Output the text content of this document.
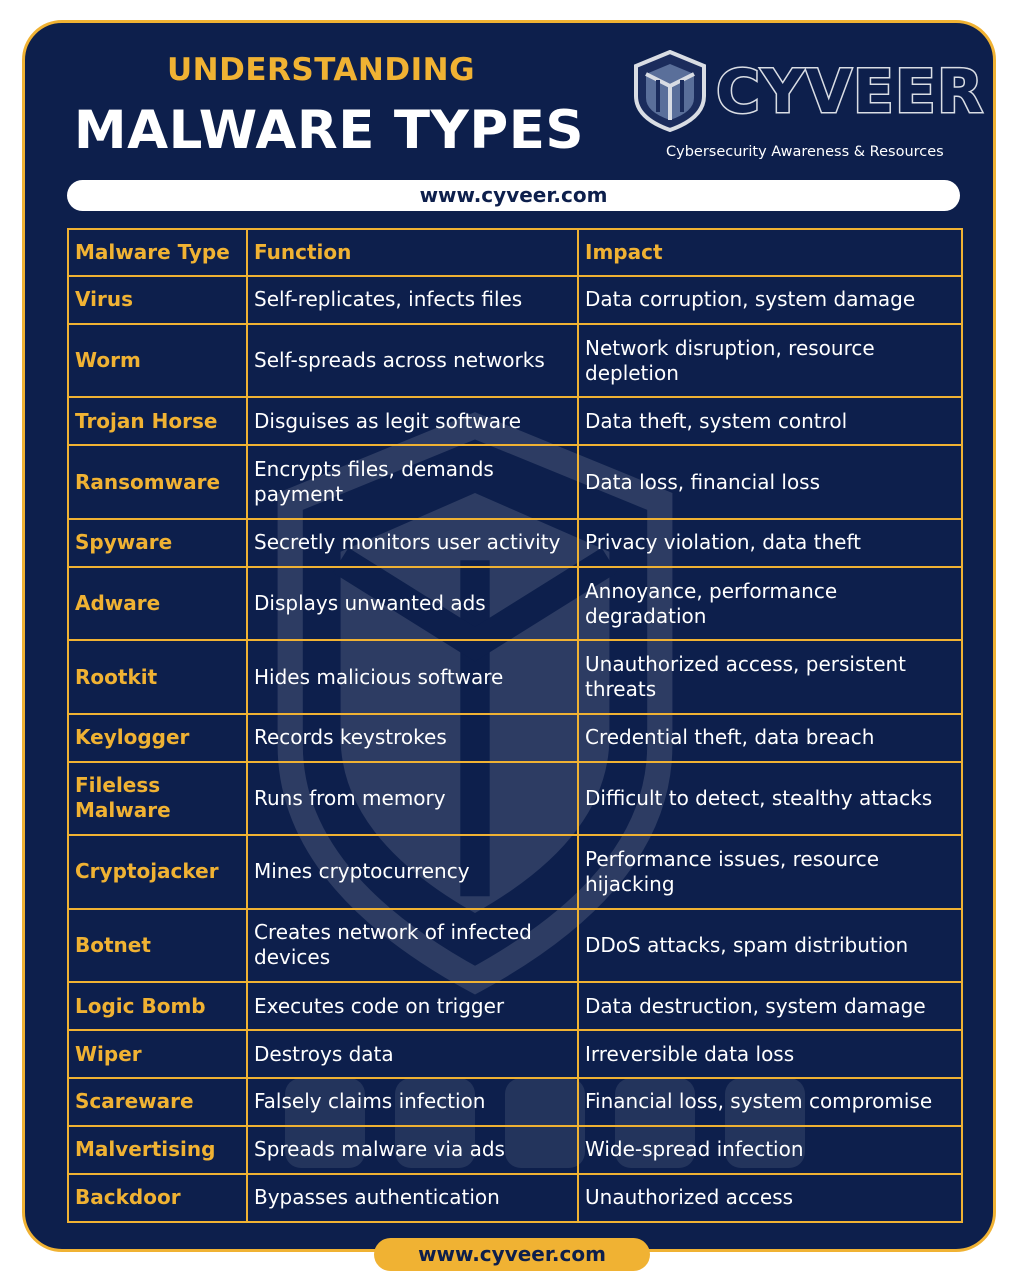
UNDERSTANDING
MALWARE TYPES
CYVEER
Cybersecurity Awareness & Resources
www.cyveer.com
Malware Type	Function	Impact
Virus	Self-replicates, infects files	Data corruption, system damage
Worm	Self-spreads across networks	Network disruption, resource depletion
Trojan Horse	Disguises as legit software	Data theft, system control
Ransomware	Encrypts files, demands payment	Data loss, financial loss
Spyware	Secretly monitors user activity	Privacy violation, data theft
Adware	Displays unwanted ads	Annoyance, performance degradation
Rootkit	Hides malicious software	Unauthorized access, persistent threats
Keylogger	Records keystrokes	Credential theft, data breach
Fileless Malware	Runs from memory	Difficult to detect, stealthy attacks
Cryptojacker	Mines cryptocurrency	Performance issues, resource hijacking
Botnet	Creates network of infected devices	DDoS attacks, spam distribution
Logic Bomb	Executes code on trigger	Data destruction, system damage
Wiper	Destroys data	Irreversible data loss
Scareware	Falsely claims infection	Financial loss, system compromise
Malvertising	Spreads malware via ads	Wide-spread infection
Backdoor	Bypasses authentication	Unauthorized access
www.cyveer.com
